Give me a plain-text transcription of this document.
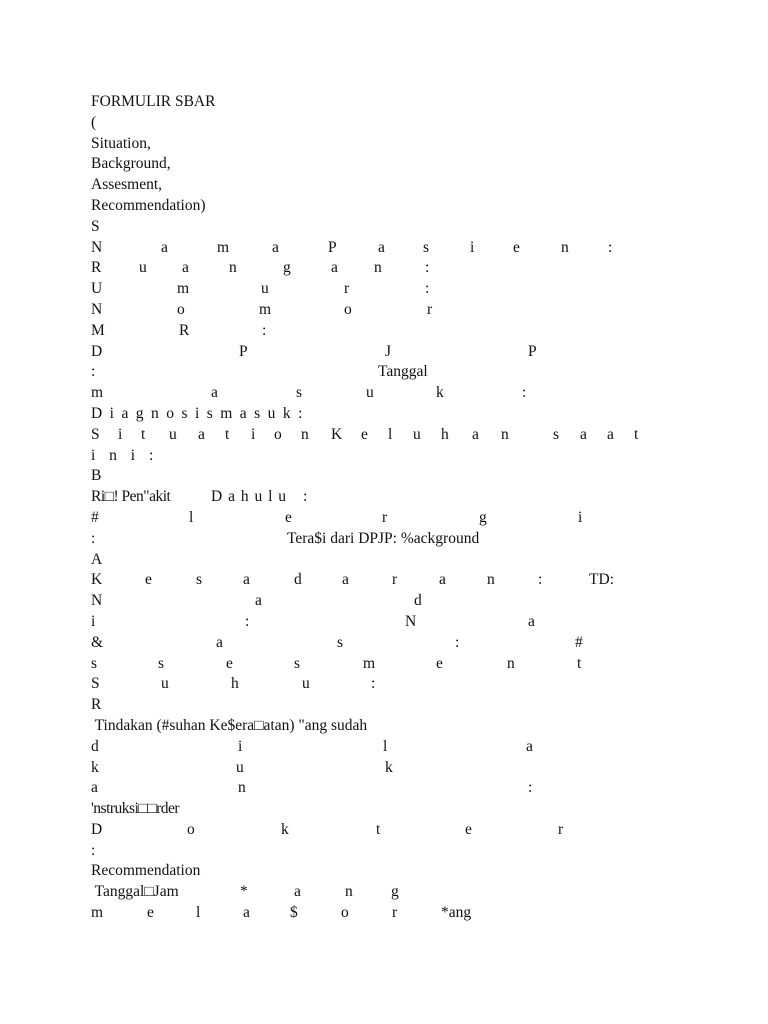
FORMULIR SBAR
(
Situation,
Background,
Assesment,
Recommendation)
S
N	a	m	a	P	a s	i e	n	:
R u a	n	g	a n	:
U	m	u	r	:
N	o	m	o	r
M	R	:
D	P	J	P
:	Tanggal
m	a	s	u	k	:
D i a g n o s i s m a s u k :
S i t u a t i o n K e l u h a n	s a a t
i n i :
B
Ri□! Pen"akit	D a h u l u :
#	l	e	r	g	i
:	Tera$i dari DPJP: %ackground
A
K	e	s	a	d	a	r	a	n	:	TD:
N	a	d
i	:	N	a
&	a	s	:	#
s	s	e	s	m	e	n	t
S	u	h	u	:
R
Tindakan (#suhan Ke$era□atan) "ang sudah
d	i	l	a
k	u	k
a	n	:
'nstruksi□□rder
D	o	k	t	e	r
:
Recommendation
Tanggal□Jam	*	a	n g
m	e	l	a	$	o	r	*ang
